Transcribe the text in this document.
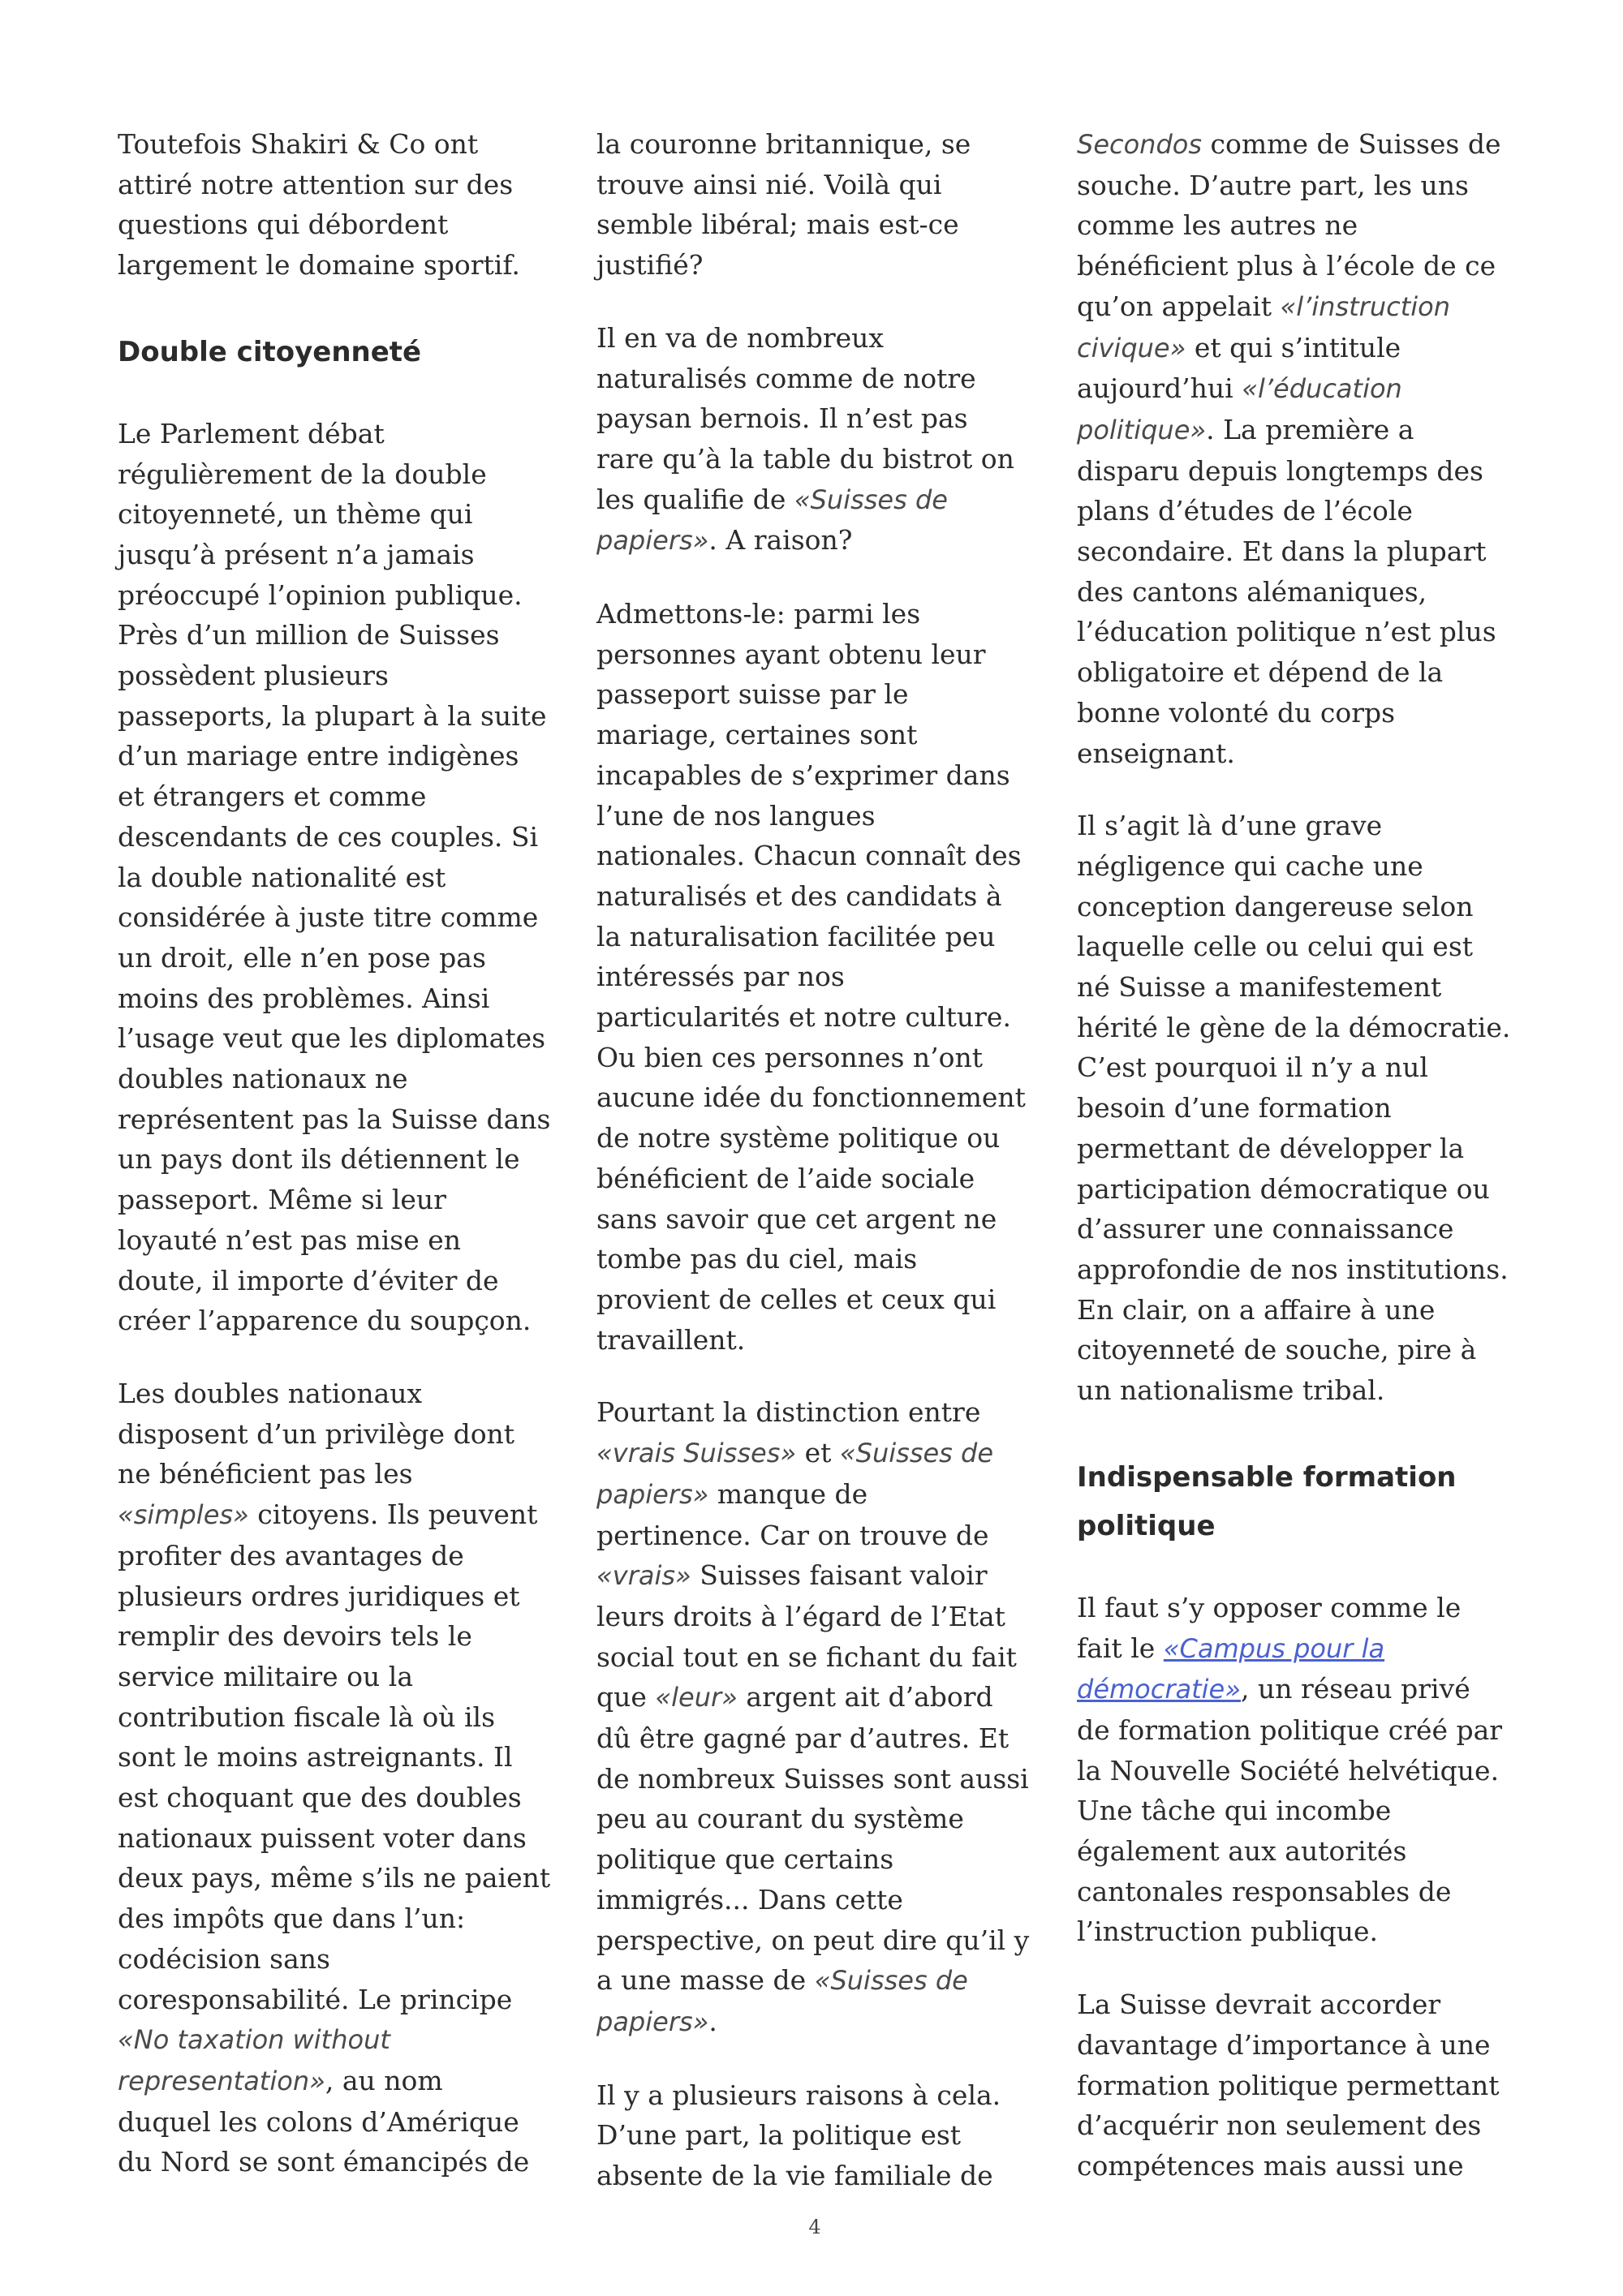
Toutefois Shakiri & Co ont
attiré notre attention sur des
questions qui débordent
largement le domaine sportif.

Double citoyenneté

Le Parlement débat
régulièrement de la double
citoyenneté, un thème qui
jusqu’à présent n’a jamais
préoccupé l’opinion publique.
Près d’un million de Suisses
possèdent plusieurs
passeports, la plupart à la suite
d’un mariage entre indigènes
et étrangers et comme
descendants de ces couples. Si
la double nationalité est
considérée à juste titre comme
un droit, elle n’en pose pas
moins des problèmes. Ainsi
l’usage veut que les diplomates
doubles nationaux ne
représentent pas la Suisse dans
un pays dont ils détiennent le
passeport. Même si leur
loyauté n’est pas mise en
doute, il importe d’éviter de
créer l’apparence du soupçon.

Les doubles nationaux
disposent d’un privilège dont
ne bénéficient pas les
«simples» citoyens. Ils peuvent
profiter des avantages de
plusieurs ordres juridiques et
remplir des devoirs tels le
service militaire ou la
contribution fiscale là où ils
sont le moins astreignants. Il
est choquant que des doubles
nationaux puissent voter dans
deux pays, même s’ils ne paient
des impôts que dans l’un:
codécision sans
coresponsabilité. Le principe
«No taxation without
representation», au nom
duquel les colons d’Amérique
du Nord se sont émancipés de

la couronne britannique, se
trouve ainsi nié. Voilà qui
semble libéral; mais est-ce
justifié?

Il en va de nombreux
naturalisés comme de notre
paysan bernois. Il n’est pas
rare qu’à la table du bistrot on
les qualifie de «Suisses de
papiers». A raison?

Admettons-le: parmi les
personnes ayant obtenu leur
passeport suisse par le
mariage, certaines sont
incapables de s’exprimer dans
l’une de nos langues
nationales. Chacun connaît des
naturalisés et des candidats à
la naturalisation facilitée peu
intéressés par nos
particularités et notre culture.
Ou bien ces personnes n’ont
aucune idée du fonctionnement
de notre système politique ou
bénéficient de l’aide sociale
sans savoir que cet argent ne
tombe pas du ciel, mais
provient de celles et ceux qui
travaillent.

Pourtant la distinction entre
«vrais Suisses» et «Suisses de
papiers» manque de
pertinence. Car on trouve de
«vrais» Suisses faisant valoir
leurs droits à l’égard de l’Etat
social tout en se fichant du fait
que «leur» argent ait d’abord
dû être gagné par d’autres. Et
de nombreux Suisses sont aussi
peu au courant du système
politique que certains
immigrés... Dans cette
perspective, on peut dire qu’il y
a une masse de «Suisses de
papiers».

Il y a plusieurs raisons à cela.
D’une part, la politique est
absente de la vie familiale de

Secondos comme de Suisses de
souche. D’autre part, les uns
comme les autres ne
bénéficient plus à l’école de ce
qu’on appelait «l’instruction
civique» et qui s’intitule
aujourd’hui «l’éducation
politique». La première a
disparu depuis longtemps des
plans d’études de l’école
secondaire. Et dans la plupart
des cantons alémaniques,
l’éducation politique n’est plus
obligatoire et dépend de la
bonne volonté du corps
enseignant.

Il s’agit là d’une grave
négligence qui cache une
conception dangereuse selon
laquelle celle ou celui qui est
né Suisse a manifestement
hérité le gène de la démocratie.
C’est pourquoi il n’y a nul
besoin d’une formation
permettant de développer la
participation démocratique ou
d’assurer une connaissance
approfondie de nos institutions.
En clair, on a affaire à une
citoyenneté de souche, pire à
un nationalisme tribal.

Indispensable formation
politique

Il faut s’y opposer comme le
fait le «Campus pour la
démocratie», un réseau privé
de formation politique créé par
la Nouvelle Société helvétique.
Une tâche qui incombe
également aux autorités
cantonales responsables de
l’instruction publique.

La Suisse devrait accorder
davantage d’importance à une
formation politique permettant
d’acquérir non seulement des
compétences mais aussi une

4
